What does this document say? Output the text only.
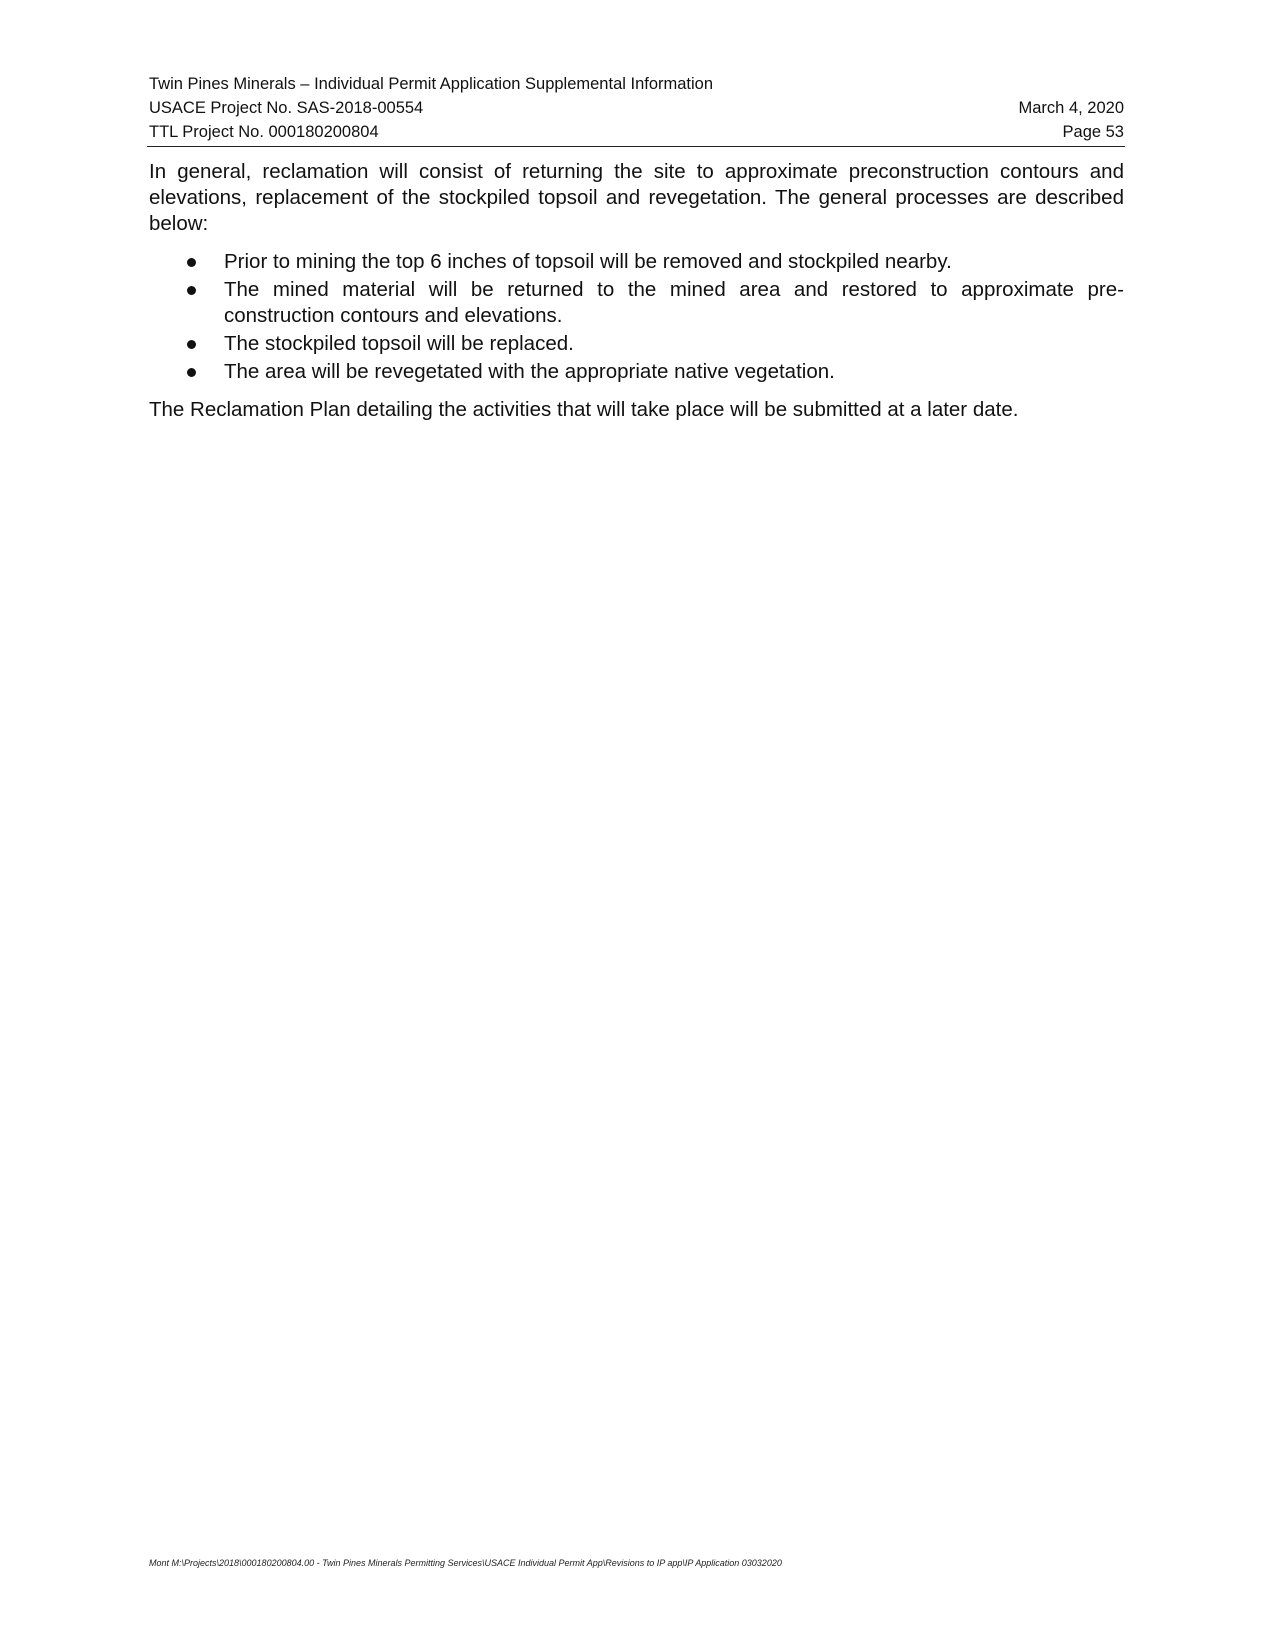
Twin Pines Minerals – Individual Permit Application Supplemental Information
USACE Project No. SAS-2018-00554	March 4, 2020
TTL Project No. 000180200804	Page 53

In general, reclamation will consist of returning the site to approximate preconstruction contours and elevations, replacement of the stockpiled topsoil and revegetation. The general processes are described below:

Prior to mining the top 6 inches of topsoil will be removed and stockpiled nearby.
The mined material will be returned to the mined area and restored to approximate pre-construction contours and elevations.
The stockpiled topsoil will be replaced.
The area will be revegetated with the appropriate native vegetation.

The Reclamation Plan detailing the activities that will take place will be submitted at a later date.

Mont M:\Projects\2018\000180200804.00 - Twin Pines Minerals Permitting Services\USACE Individual Permit App\Revisions to IP app\IP Application 03032020
